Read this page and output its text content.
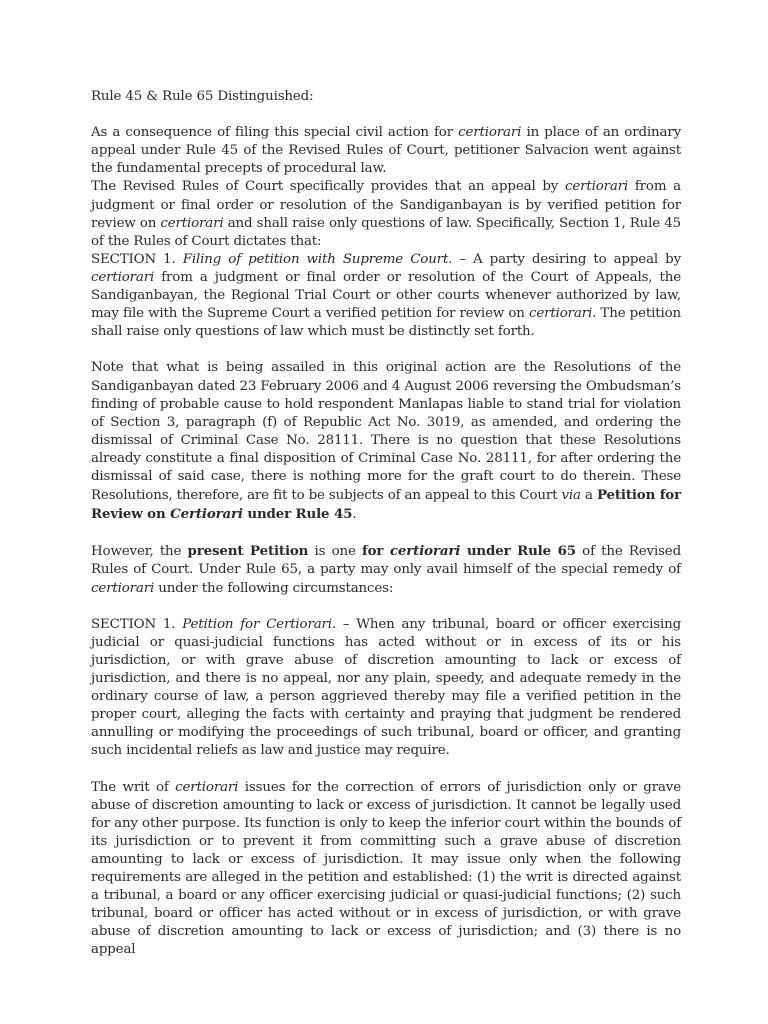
Rule 45 & Rule 65 Distinguished:

As a consequence of filing this special civil action for certiorari in place of an ordinary appeal under Rule 45 of the Revised Rules of Court, petitioner Salvacion went against the fundamental precepts of procedural law.

The Revised Rules of Court specifically provides that an appeal by certiorari from a judgment or final order or resolution of the Sandiganbayan is by verified petition for review on certiorari and shall raise only questions of law. Specifically, Section 1, Rule 45 of the Rules of Court dictates that:

SECTION 1. Filing of petition with Supreme Court. – A party desiring to appeal by certiorari from a judgment or final order or resolution of the Court of Appeals, the Sandiganbayan, the Regional Trial Court or other courts whenever authorized by law, may file with the Supreme Court a verified petition for review on certiorari. The petition shall raise only questions of law which must be distinctly set forth.

Note that what is being assailed in this original action are the Resolutions of the Sandiganbayan dated 23 February 2006 and 4 August 2006 reversing the Ombudsman’s finding of probable cause to hold respondent Manlapas liable to stand trial for violation of Section 3, paragraph (f) of Republic Act No. 3019, as amended, and ordering the dismissal of Criminal Case No. 28111. There is no question that these Resolutions already constitute a final disposition of Criminal Case No. 28111, for after ordering the dismissal of said case, there is nothing more for the graft court to do therein. These Resolutions, therefore, are fit to be subjects of an appeal to this Court via a Petition for Review on Certiorari under Rule 45.

However, the present Petition is one for certiorari under Rule 65 of the Revised Rules of Court. Under Rule 65, a party may only avail himself of the special remedy of certiorari under the following circumstances:

SECTION 1. Petition for Certiorari. – When any tribunal, board or officer exercising judicial or quasi-judicial functions has acted without or in excess of its or his jurisdiction, or with grave abuse of discretion amounting to lack or excess of jurisdiction, and there is no appeal, nor any plain, speedy, and adequate remedy in the ordinary course of law, a person aggrieved thereby may file a verified petition in the proper court, alleging the facts with certainty and praying that judgment be rendered annulling or modifying the proceedings of such tribunal, board or officer, and granting such incidental reliefs as law and justice may require.

The writ of certiorari issues for the correction of errors of jurisdiction only or grave abuse of discretion amounting to lack or excess of jurisdiction. It cannot be legally used for any other purpose. Its function is only to keep the inferior court within the bounds of its jurisdiction or to prevent it from committing such a grave abuse of discretion amounting to lack or excess of jurisdiction. It may issue only when the following requirements are alleged in the petition and established: (1) the writ is directed against a tribunal, a board or any officer exercising judicial or quasi-judicial functions; (2) such tribunal, board or officer has acted without or in excess of jurisdiction, or with grave abuse of discretion amounting to lack or excess of jurisdiction; and (3) there is no appeal
